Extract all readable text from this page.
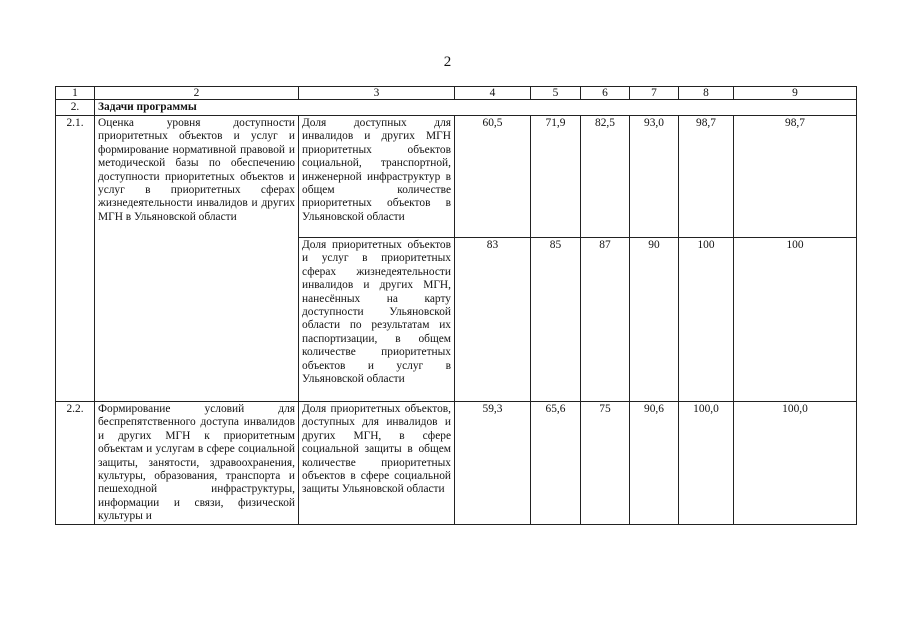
2
1	2	3	4	5	6	7	8	9
2.	Задачи программы							
2.1.	Оценка уровня доступности приоритетных объектов и услуг и формирование нормативной правовой и методической базы по обеспечению доступности приоритетных объектов и услуг в приоритетных сферах жизнедеятельности инвалидов и других МГН в Ульяновской области	Доля доступных для инвалидов и других МГН приоритетных объектов социальной, транспортной, инженерной инфраструктур в общем количестве приоритетных объектов в Ульяновской области	60,5	71,9	82,5	93,0	98,7	98,7
		Доля приоритетных объектов и услуг в приоритетных сферах жизнедеятельности инвалидов и других МГН, нанесённых на карту доступности Ульяновской области по результатам их паспортизации, в общем количестве приоритетных объектов и услуг в Ульяновской области	83	85	87	90	100	100
2.2.	Формирование условий для беспрепятственного доступа инвалидов и других МГН к приоритетным объектам и услугам в сфере социальной защиты, занятости, здравоохранения, культуры, образования, транспорта и пешеходной инфраструктуры, информации и связи, физической культуры и	Доля приоритетных объектов, доступных для инвалидов и других МГН, в сфере социальной защиты в общем количестве приоритетных объектов в сфере социальной защиты Ульяновской области	59,3	65,6	75	90,6	100,0	100,0
